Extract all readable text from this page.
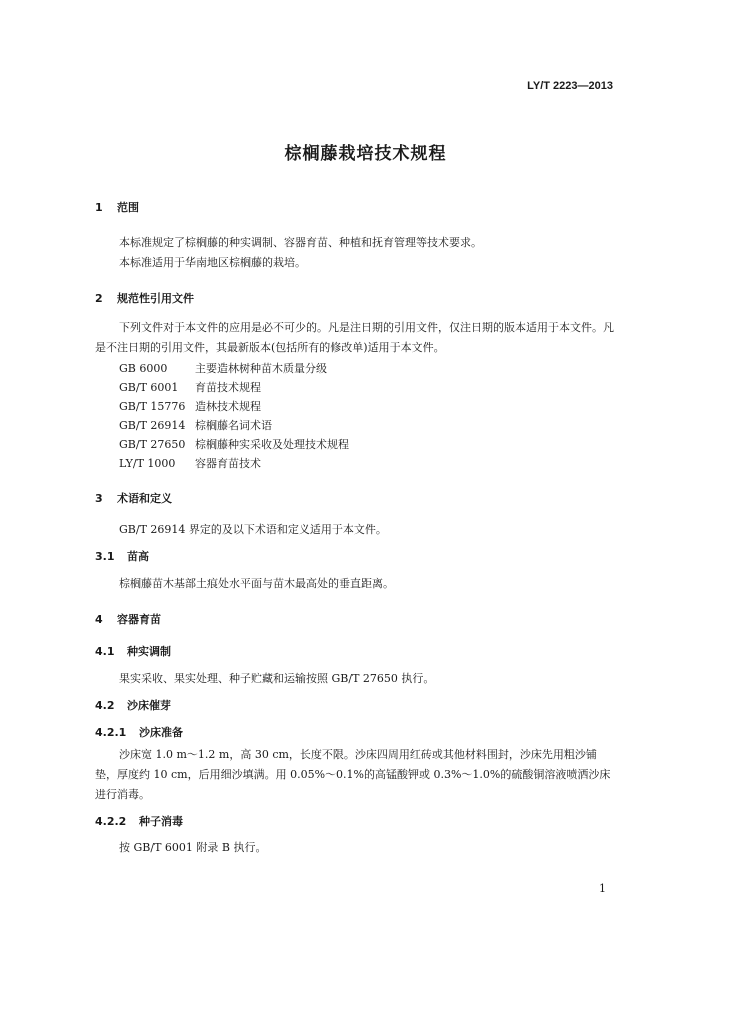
LY/T 2223—2013
棕榈藤栽培技术规程
1 范围
本标准规定了棕榈藤的种实调制、容器育苗、种植和抚育管理等技术要求。
本标准适用于华南地区棕榈藤的栽培。
2 规范性引用文件
下列文件对于本文件的应用是必不可少的。凡是注日期的引用文件，仅注日期的版本适用于本文件。凡是不注日期的引用文件，其最新版本(包括所有的修改单)适用于本文件。
GB 6000	主要造林树种苗木质量分级
GB/T 6001 育苗技术规程
GB/T 15776 造林技术规程
GB/T 26914 棕榈藤名词术语
GB/T 27650 棕榈藤种实采收及处理技术规程
LY/T 1000 容器育苗技术
3 术语和定义
GB/T 26914 界定的及以下术语和定义适用于本文件。
3.1 苗高
棕榈藤苗木基部土痕处水平面与苗木最高处的垂直距离。
4 容器育苗
4.1 种实调制
果实采收、果实处理、种子贮藏和运输按照 GB/T 27650 执行。
4.2 沙床催芽
4.2.1 沙床准备
沙床宽 1.0 m～1.2 m，高 30 cm，长度不限。沙床四周用红砖或其他材料围封，沙床先用粗沙铺垫，厚度约 10 cm，后用细沙填满。用 0.05%～0.1%的高锰酸钾或 0.3%～1.0%的硫酸铜溶液喷洒沙床进行消毒。
4.2.2 种子消毒
按 GB/T 6001 附录 B 执行。
1
